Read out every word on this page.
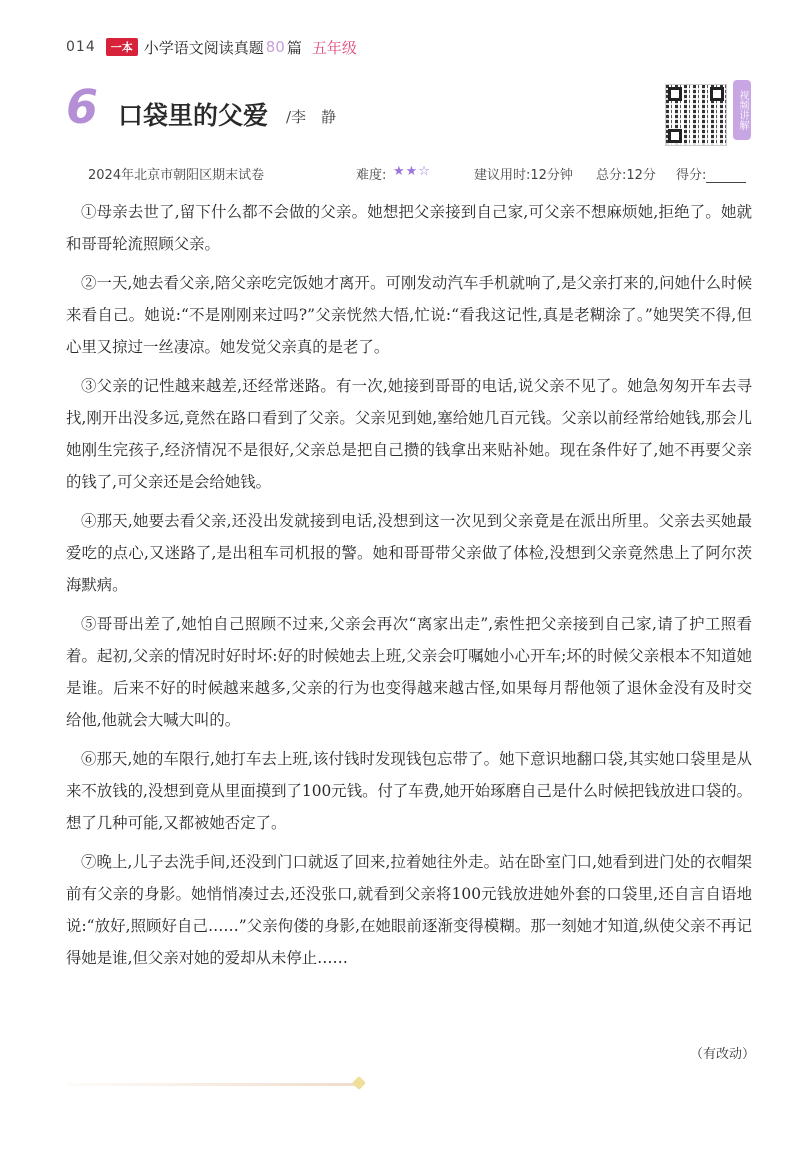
014	一本 小学语文阅读真题 80 篇 五年级
6 口袋里的父爱 /李　静	视频讲解
2024年北京市朝阳区期末试卷	难度: ★★☆	建议用时:12分钟 总分:12分 得分:

①母亲去世了,留下什么都不会做的父亲。她想把父亲接到自己家,可父亲不想麻烦她,拒绝了。她就和哥哥轮流照顾父亲。

②一天,她去看父亲,陪父亲吃完饭她才离开。可刚发动汽车手机就响了,是父亲打来的,问她什么时候来看自己。她说:“不是刚刚来过吗?”父亲恍然大悟,忙说:“看我这记性,真是老糊涂了。”她哭笑不得,但心里又掠过一丝凄凉。她发觉父亲真的是老了。

③父亲的记性越来越差,还经常迷路。有一次,她接到哥哥的电话,说父亲不见了。她急匆匆开车去寻找,刚开出没多远,竟然在路口看到了父亲。父亲见到她,塞给她几百元钱。父亲以前经常给她钱,那会儿她刚生完孩子,经济情况不是很好,父亲总是把自己攒的钱拿出来贴补她。现在条件好了,她不再要父亲的钱了,可父亲还是会给她钱。

④那天,她要去看父亲,还没出发就接到电话,没想到这一次见到父亲竟是在派出所里。父亲去买她最爱吃的点心,又迷路了,是出租车司机报的警。她和哥哥带父亲做了体检,没想到父亲竟然患上了阿尔茨海默病。

⑤哥哥出差了,她怕自己照顾不过来,父亲会再次“离家出走”,索性把父亲接到自己家,请了护工照看着。起初,父亲的情况时好时坏:好的时候她去上班,父亲会叮嘱她小心开车;坏的时候父亲根本不知道她是谁。后来不好的时候越来越多,父亲的行为也变得越来越古怪,如果每月帮他领了退休金没有及时交给他,他就会大喊大叫的。

⑥那天,她的车限行,她打车去上班,该付钱时发现钱包忘带了。她下意识地翻口袋,其实她口袋里是从来不放钱的,没想到竟从里面摸到了100元钱。付了车费,她开始琢磨自己是什么时候把钱放进口袋的。想了几种可能,又都被她否定了。

⑦晚上,儿子去洗手间,还没到门口就返了回来,拉着她往外走。站在卧室门口,她看到进门处的衣帽架前有父亲的身影。她悄悄凑过去,还没张口,就看到父亲将100元钱放进她外套的口袋里,还自言自语地说:“放好,照顾好自己……”父亲佝偻的身影,在她眼前逐渐变得模糊。那一刻她才知道,纵使父亲不再记得她是谁,但父亲对她的爱却从未停止……

（有改动）
